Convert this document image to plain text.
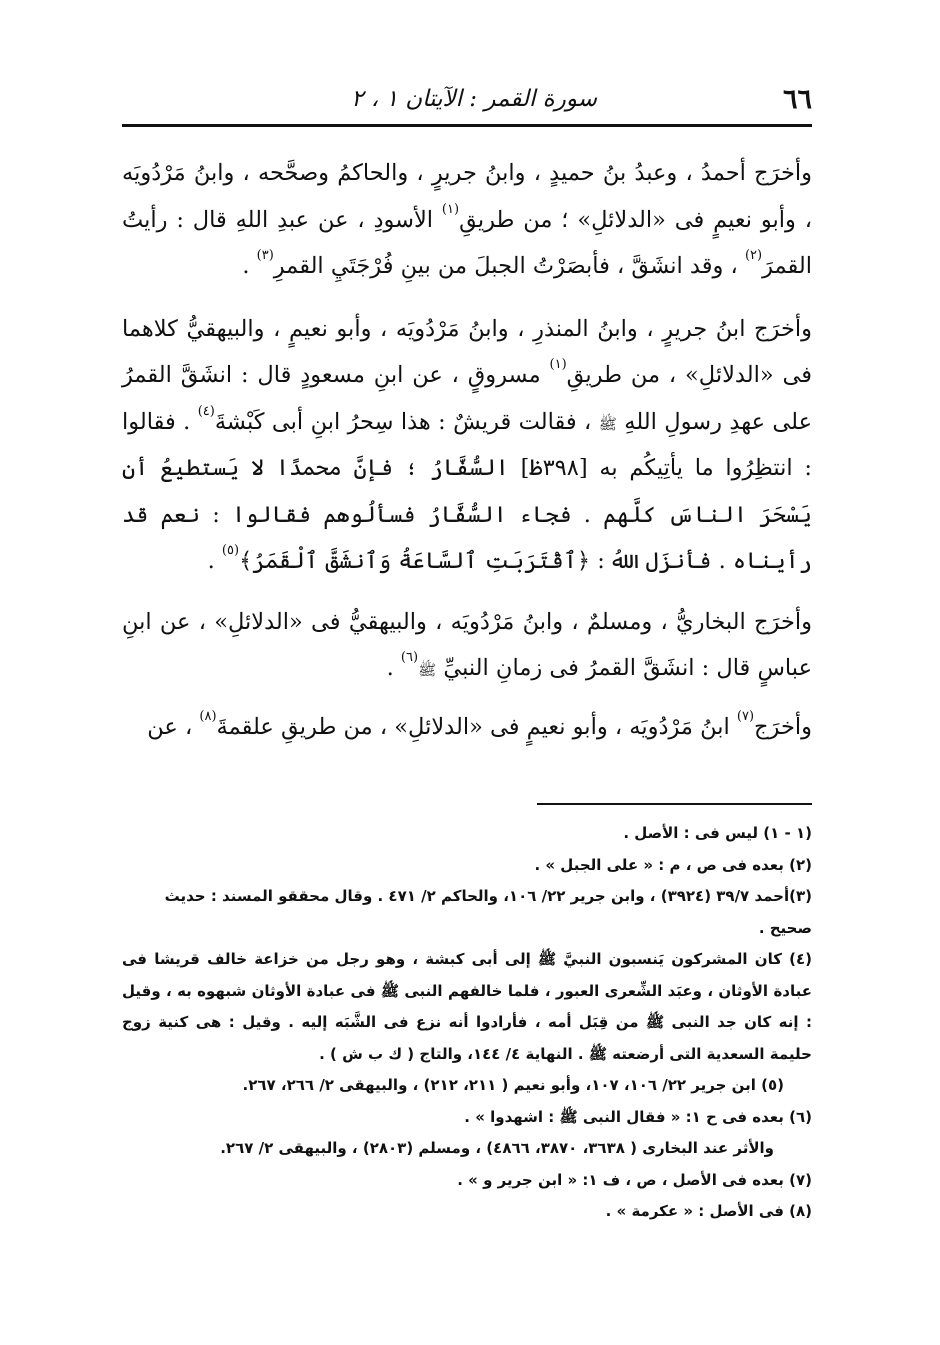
٦٦
سورة القمر : الآيتان ١ ، ٢

وأخرَج أحمدُ ، وعبدُ بنُ حميدٍ ، وابنُ جريرٍ ، والحاكمُ وصحَّحه ، وابنُ مَرْدُويَه ، وأبو نعيمٍ فى «الدلائلِ» ؛ من طريقِ$^{(١)}$ الأسودِ ، عن عبدِ اللهِ قال : رأيتُ القمرَ$^{(٢)}$ ، وقد انشَقَّ ، فأبصَرْتُ الجبلَ من بينِ فُرْجَتَيِ القمرِ$^{(٣)}$ .

وأخرَج ابنُ جريرٍ ، وابنُ المنذرِ ، وابنُ مَرْدُويَه ، وأبو نعيمٍ ، والبيهقيُّ كلاهما فى «الدلائلِ» ، من طريقِ$^{(١)}$ مسروقٍ ، عن ابنِ مسعودٍ قال : انشَقَّ القمرُ على عهدِ رسولِ اللهِ ﷺ ، فقالت قريشٌ : هذا سِحرُ ابنِ أبى كَبْشةَ$^{(٤)}$ . فقالوا : انتظِرُوا ما يأتِيكُم به [٣٩٨ظ] السُّفَّارُ ؛ فإنَّ محمدًا لا يَستطيعُ أن يَسْحَرَ الناسَ كلَّهم . فجاء السُّفَّارُ فسألُوهم فقالوا : نعم قد رأيناه . فأنزَل اللهُ : ﴿ٱقْتَرَبَتِ ٱلسَّاعَةُ وَٱنشَقَّ ٱلْقَمَرُ﴾$^{(٥)}$ .

وأخرَج البخاريُّ ، ومسلمٌ ، وابنُ مَرْدُويَه ، والبيهقيُّ فى «الدلائلِ» ، عن ابنِ عباسٍ قال : انشَقَّ القمرُ فى زمانِ النبيِّ ﷺ$^{(٦)}$ .

وأخرَج$^{(٧)}$ ابنُ مَرْدُويَه ، وأبو نعيمٍ فى «الدلائلِ» ، من طريقِ علقمةَ$^{(٨)}$ ، عن

(١ - ١) ليس فى : الأصل .

(٢) بعده فى ص ، م : « على الجبل » .

(٣)أحمد ٣٩/٧ (٣٩٢٤) ، وابن جرير ٢٢/ ١٠٦، والحاكم ٢/ ٤٧١ . وقال محققو المسند : حديث صحيح .

(٤) كان المشركون يَنسبون النبيَّ ﷺ إلى أبى كبشة ، وهو رجل من خزاعة خالف قريشا فى عبادة الأوثان ، وعبَد الشِّعرى العبور ، فلما خالفهم النبى ﷺ فى عبادة الأوثان شبهوه به ، وقيل : إنه كان جد النبى ﷺ من قِبَل أمه ، فأرادوا أنه نزع فى الشَّبَه إليه . وقيل : هى كنية زوج حليمة السعدية التى أرضعته ﷺ . النهاية ٤/ ١٤٤، والتاج ( ك ب ش ) .

(٥) ابن جرير ٢٢/ ١٠٦، ١٠٧، وأبو نعيم ( ٢١١، ٢١٢) ، والبيهقى ٢/ ٢٦٦، ٢٦٧.

(٦) بعده فى ح ١: « فقال النبى ﷺ : اشهدوا » .

والأثر عند البخارى ( ٣٦٣٨، ٣٨٧٠، ٤٨٦٦) ، ومسلم (٢٨٠٣) ، والبيهقى ٢/ ٢٦٧.

(٧) بعده فى الأصل ، ص ، ف ١: « ابن جرير و » .

(٨) فى الأصل : « عكرمة » .
